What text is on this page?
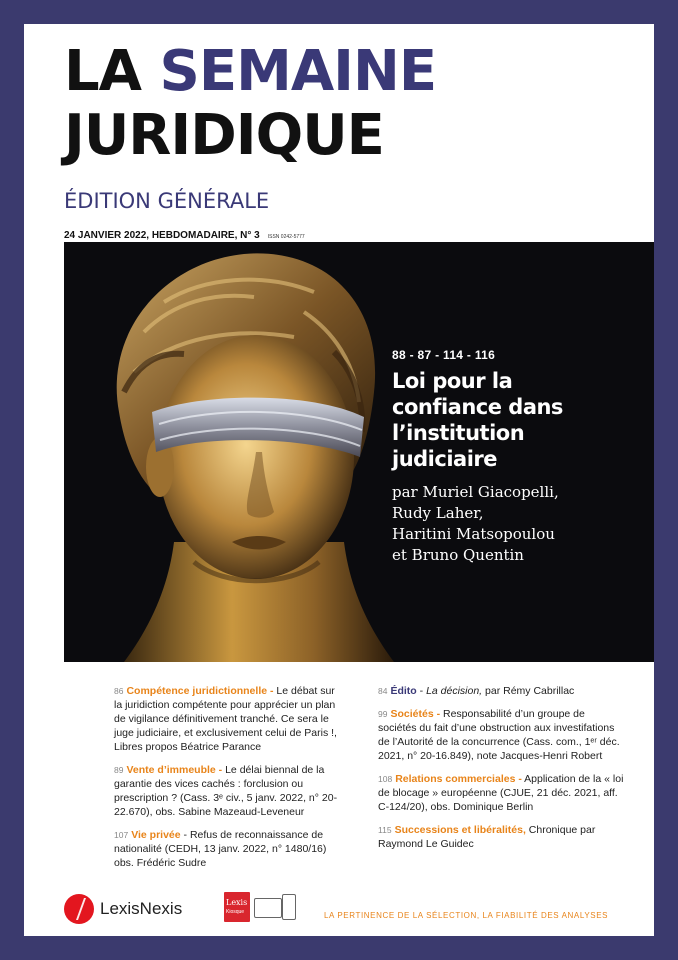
LA SEMAINE
JURIDIQUE
ÉDITION GÉNÉRALE
24 JANVIER 2022, HEBDOMADAIRE, N° 3 ISSN 0242-5777
88 - 87 - 114 - 116
Loi pour la
confiance dans
l’institution
judiciaire
par Muriel Giacopelli,
Rudy Laher,
Haritini Matsopoulou
et Bruno Quentin
86 Compétence juridictionnelle - Le débat sur la juridiction compétente pour apprécier un plan de vigilance définitivement tranché. Ce sera le juge judiciaire, et exclusivement celui de Paris !, Libres propos Béatrice Parance
89 Vente d’immeuble - Le délai biennal de la garantie des vices cachés : forclusion ou prescription ? (Cass. 3ᵉ civ., 5 janv. 2022, n° 20-22.670), obs. Sabine Mazeaud-Leveneur
107 Vie privée - Refus de reconnaissance de nationalité (CEDH, 13 janv. 2022, n° 1480/16) obs. Frédéric Sudre
84 Édito - La décision, par Rémy Cabrillac
99 Sociétés - Responsabilité d’un groupe de sociétés du fait d’une obstruction aux investifations de l’Autorité de la concurrence (Cass. com., 1ᵉʳ déc. 2021, n° 20-16.849), note Jacques-Henri Robert
108 Relations commerciales - Application de la « loi de blocage » européenne (CJUE, 21 déc. 2021, aff. C-124/20), obs. Dominique Berlin
115 Successions et libéralités, Chronique par Raymond Le Guidec
LexisNexis	Lexis
Kiosque	LA PERTINENCE DE LA SÉLECTION, LA FIABILITÉ DES ANALYSES
